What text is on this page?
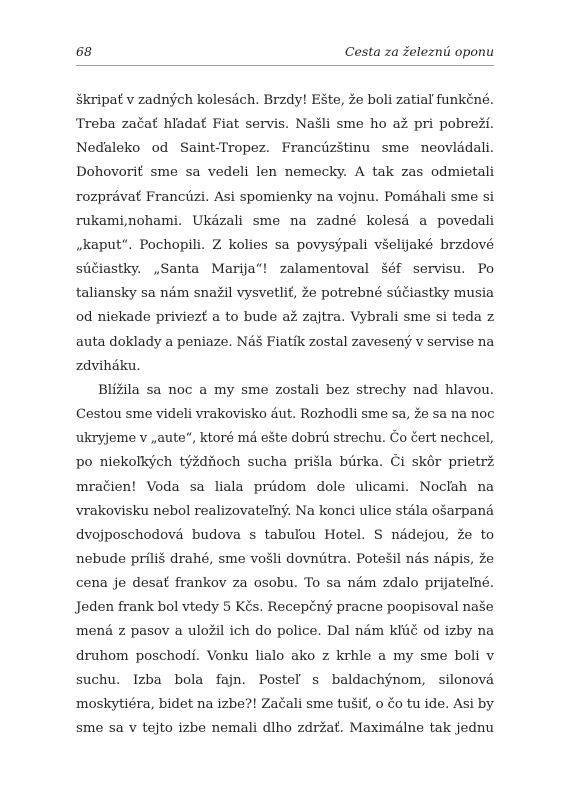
68	Cesta za železnú oponu

škripať v zadných kolesách. Brzdy! Ešte, že boli zatiaľ funkčné.
Treba začať hľadať Fiat servis. Našli sme ho až pri pobreží.
Neďaleko od Saint-Tropez. Francúzštinu sme neovládali.
Dohovoriť sme sa vedeli len nemecky. A tak zas odmietali
rozprávať Francúzi. Asi spomienky na vojnu. Pomáhali sme si
rukami,nohami. Ukázali sme na zadné kolesá a povedali
„kaput“. Pochopili. Z kolies sa povysýpali všelijaké brzdové
súčiastky. „Santa Marija“! zalamentoval šéf servisu. Po
taliansky sa nám snažil vysvetliť, že potrebné súčiastky musia
od niekade priviezť a to bude až zajtra. Vybrali sme si teda z
auta doklady a peniaze. Náš Fiatík zostal zavesený v servise na
zdviháku.

Blížila sa noc a my sme zostali bez strechy nad hlavou.
Cestou sme videli vrakovisko áut. Rozhodli sme sa, že sa na noc
ukryjeme v „aute“, ktoré má ešte dobrú strechu. Čo čert nechcel,
po niekoľkých týždňoch sucha prišla búrka. Či skôr prietrž
mračien! Voda sa liala prúdom dole ulicami. Nocľah na
vrakovisku nebol realizovateľný. Na konci ulice stála ošarpaná
dvojposchodová budova s tabuľou Hotel. S nádejou, že to
nebude príliš drahé, sme vošli dovnútra. Potešil nás nápis, že
cena je desať frankov za osobu. To sa nám zdalo prijateľné.
Jeden frank bol vtedy 5 Kčs. Recepčný pracne poopisoval naše
mená z pasov a uložil ich do police. Dal nám kľúč od izby na
druhom poschodí. Vonku lialo ako z krhle a my sme boli v
suchu. Izba bola fajn. Posteľ s baldachýnom, silonová
moskytiéra, bidet na izbe?! Začali sme tušiť, o čo tu ide. Asi by
sme sa v tejto izbe nemali dlho zdržať. Maximálne tak jednu
